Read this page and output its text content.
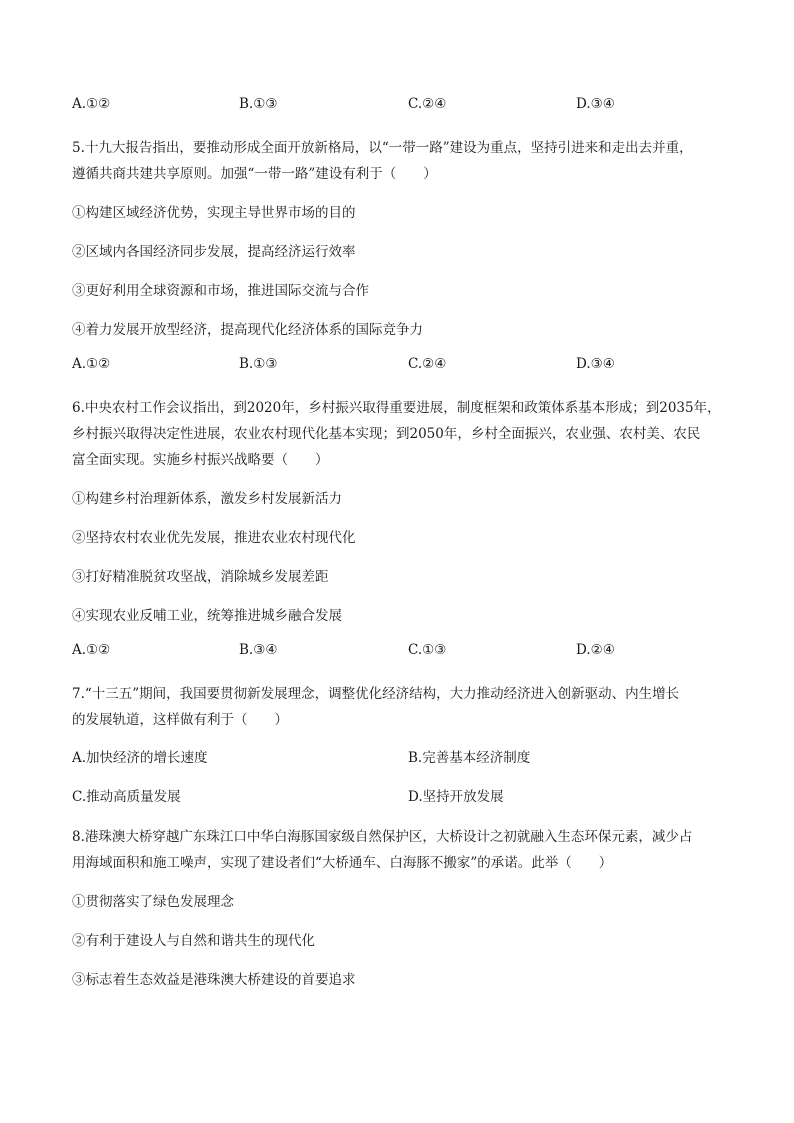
A.①②	B.①③	C.②④	D.③④
5.十九大报告指出，要推动形成全面开放新格局，以“一带一路”建设为重点，坚持引进来和走出去并重，
遵循共商共建共享原则。加强“一带一路”建设有利于（　　）
①构建区域经济优势，实现主导世界市场的目的
②区域内各国经济同步发展，提高经济运行效率
③更好利用全球资源和市场，推进国际交流与合作
④着力发展开放型经济，提高现代化经济体系的国际竞争力
A.①②	B.①③	C.②④	D.③④
6.中央农村工作会议指出，到2020年，乡村振兴取得重要进展，制度框架和政策体系基本形成；到2035年，
乡村振兴取得决定性进展，农业农村现代化基本实现；到2050年，乡村全面振兴，农业强、农村美、农民
富全面实现。实施乡村振兴战略要（　　）
①构建乡村治理新体系，激发乡村发展新活力
②坚持农村农业优先发展，推进农业农村现代化
③打好精准脱贫攻坚战，消除城乡发展差距
④实现农业反哺工业，统筹推进城乡融合发展
A.①②	B.③④	C.①③	D.②④
7.“十三五”期间，我国要贯彻新发展理念，调整优化经济结构，大力推动经济进入创新驱动、内生增长
的发展轨道，这样做有利于（　　）
A.加快经济的增长速度	B.完善基本经济制度
C.推动高质量发展	D.坚持开放发展
8.港珠澳大桥穿越广东珠江口中华白海豚国家级自然保护区，大桥设计之初就融入生态环保元素，减少占
用海域面积和施工噪声，实现了建设者们“大桥通车、白海豚不搬家”的承诺。此举（　　）
①贯彻落实了绿色发展理念
②有利于建设人与自然和谐共生的现代化
③标志着生态效益是港珠澳大桥建设的首要追求
